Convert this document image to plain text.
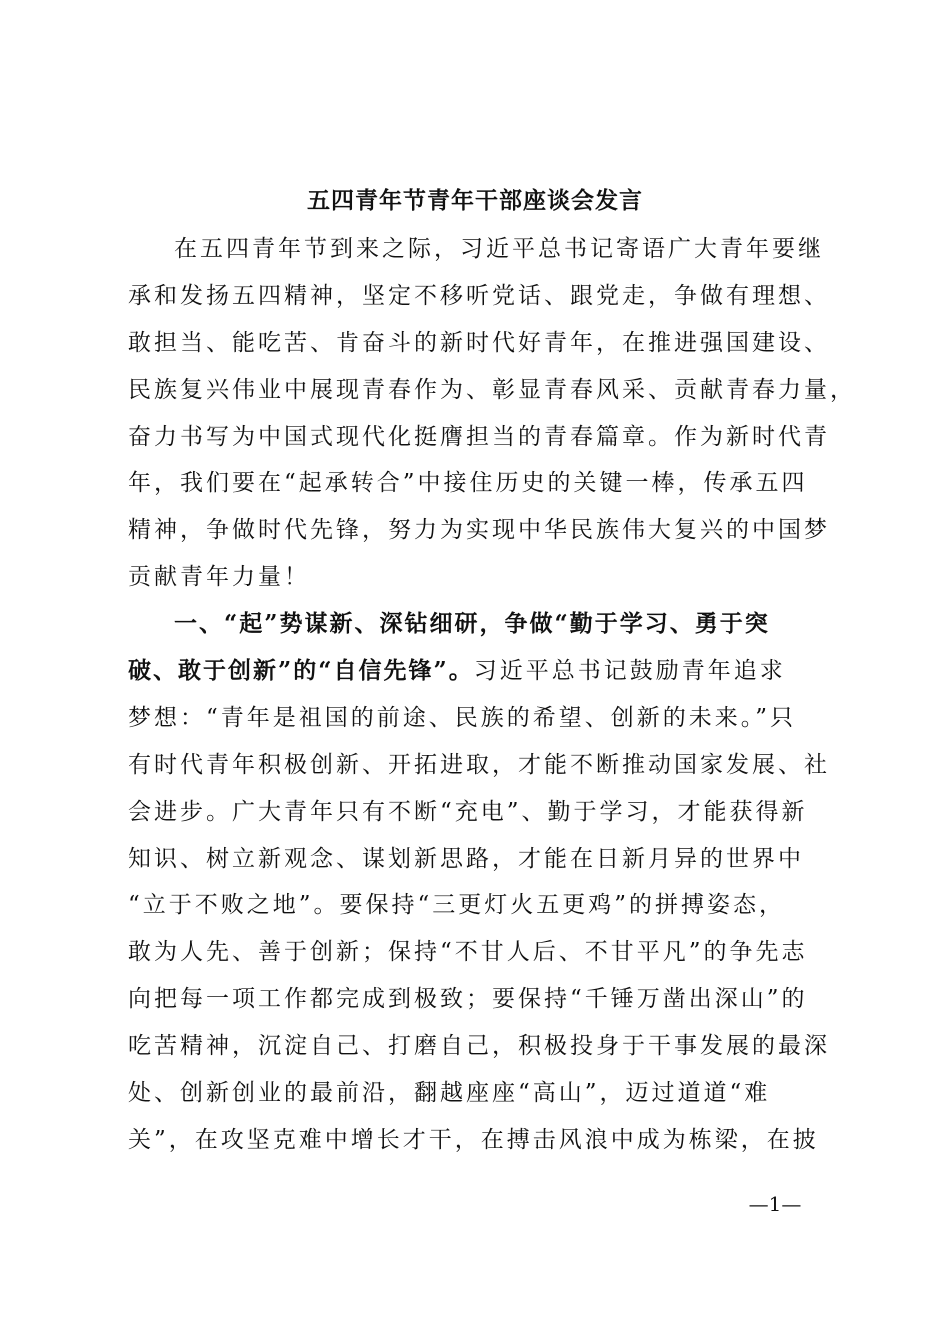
五四青年节青年干部座谈会发言
在五四青年节到来之际，习近平总书记寄语广大青年要继
承和发扬五四精神，坚定不移听党话、跟党走，争做有理想、
敢担当、能吃苦、肯奋斗的新时代好青年，在推进强国建设、
民族复兴伟业中展现青春作为、彰显青春风采、贡献青春力量，
奋力书写为中国式现代化挺膺担当的青春篇章。作为新时代青
年，我们要在“起承转合”中接住历史的关键一棒，传承五四
精神，争做时代先锋，努力为实现中华民族伟大复兴的中国梦
贡献青年力量！
一、“起”势谋新、深钻细研，争做“勤于学习、勇于突
破、敢于创新”的“自信先锋”。习近平总书记鼓励青年追求
梦想：“青年是祖国的前途、民族的希望、创新的未来。”只
有时代青年积极创新、开拓进取，才能不断推动国家发展、社
会进步。广大青年只有不断“充电”、勤于学习，才能获得新
知识、树立新观念、谋划新思路，才能在日新月异的世界中
“立于不败之地”。要保持“三更灯火五更鸡”的拼搏姿态，
敢为人先、善于创新；保持“不甘人后、不甘平凡”的争先志
向把每一项工作都完成到极致；要保持“千锤万凿出深山”的
吃苦精神，沉淀自己、打磨自己，积极投身于干事发展的最深
处、创新创业的最前沿，翻越座座“高山”，迈过道道“难
关”，在攻坚克难中增长才干，在搏击风浪中成为栋梁，在披
—1—
